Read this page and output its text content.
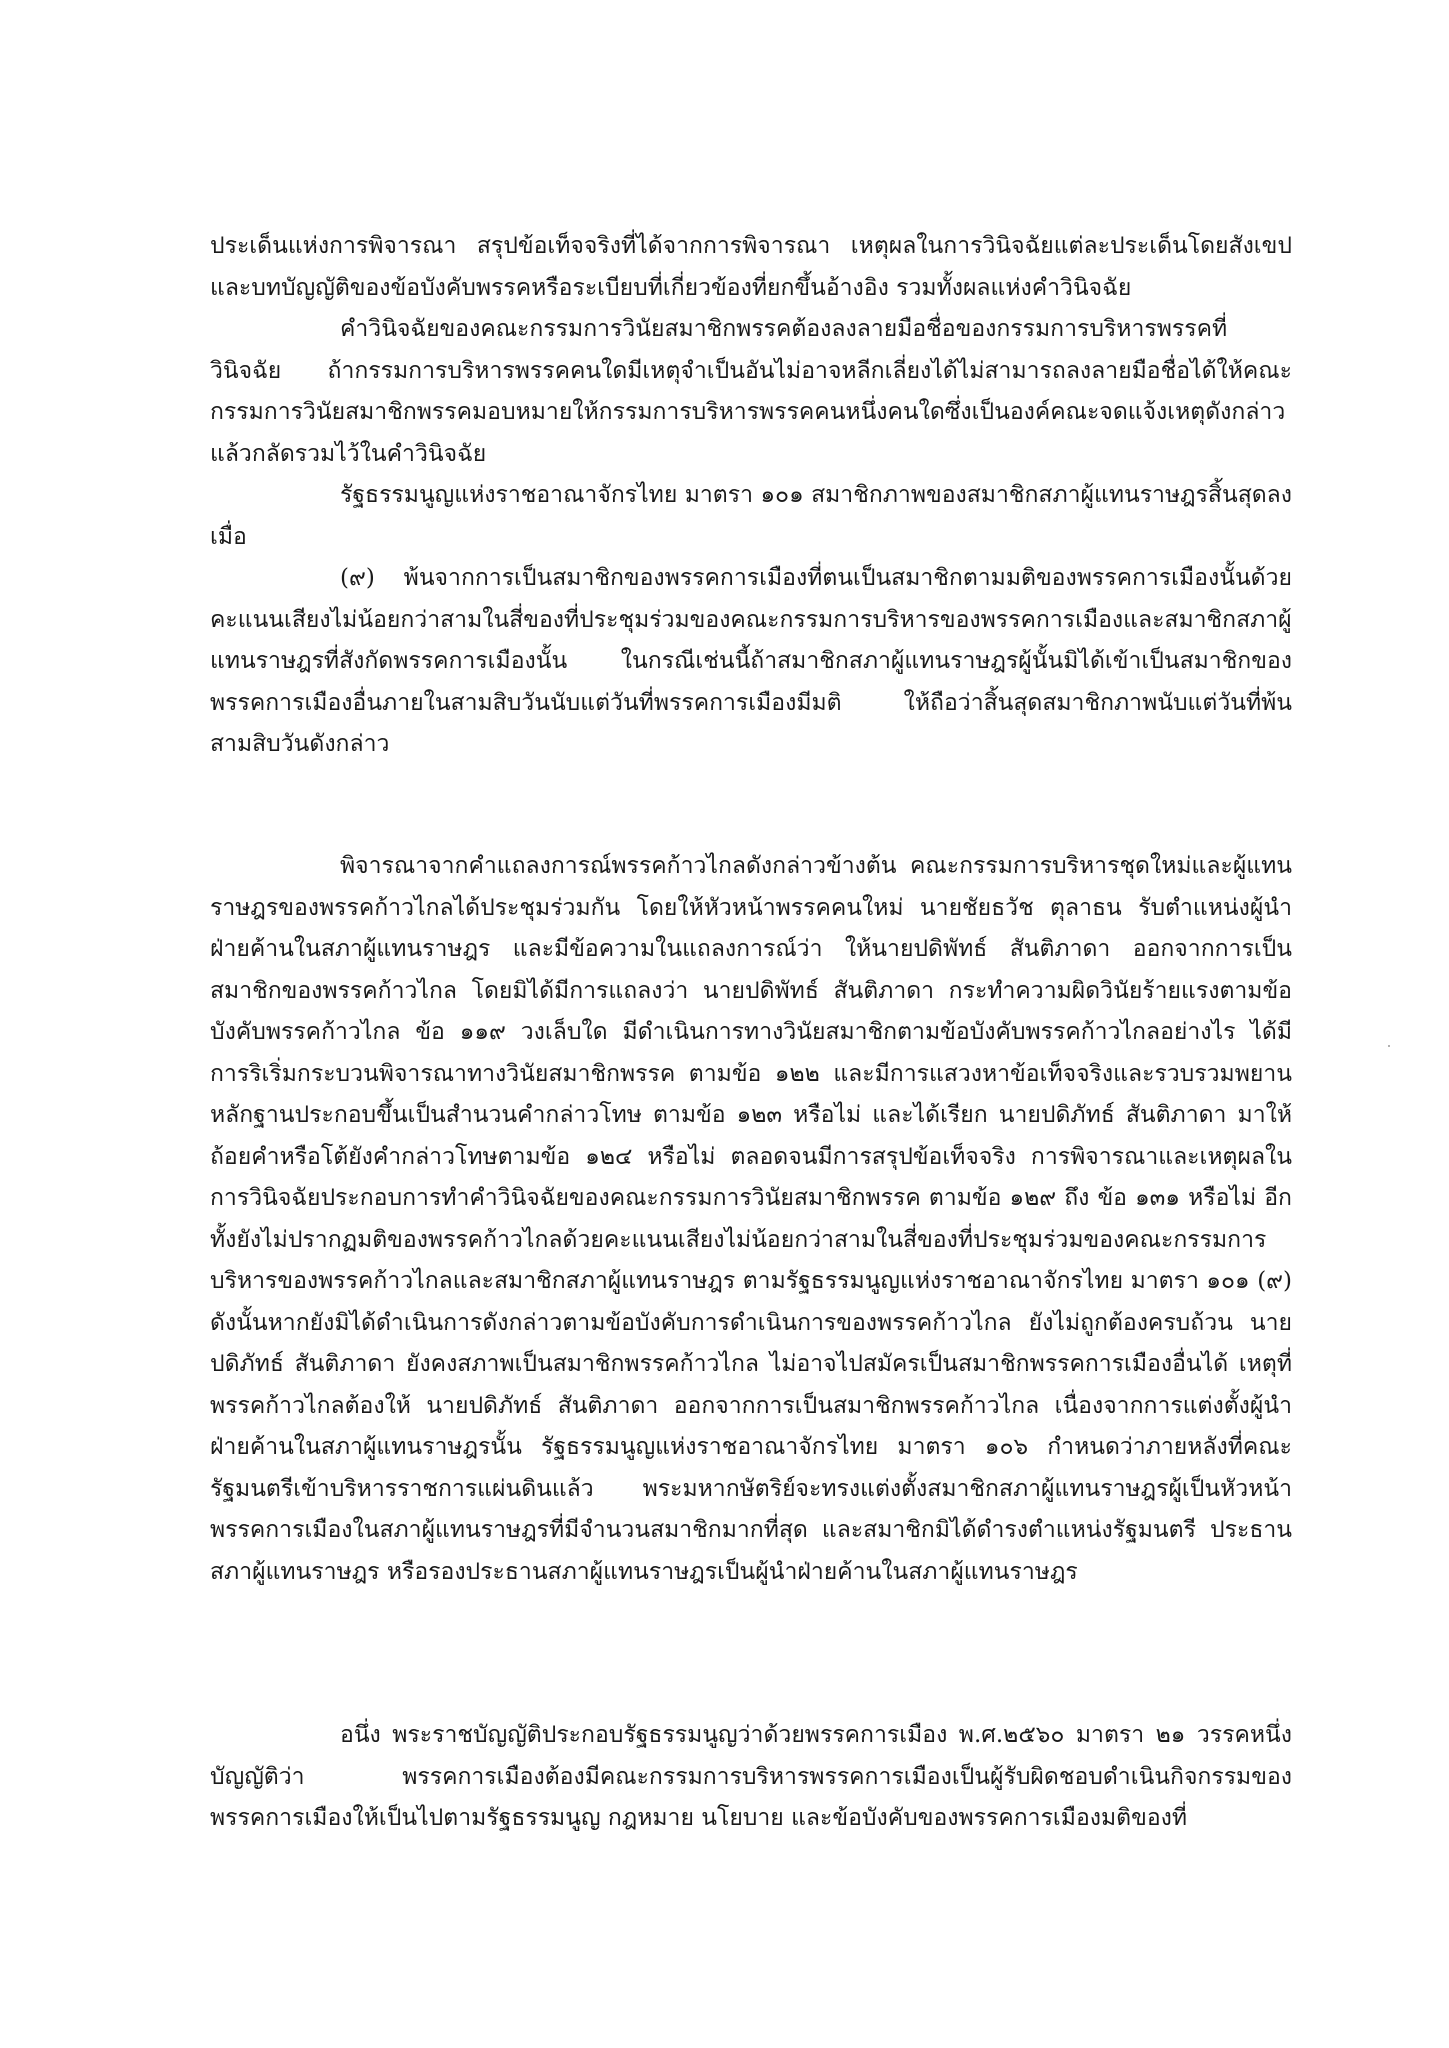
ประเด็นแห่งการพิจารณา สรุปข้อเท็จจริงที่ได้จากการพิจารณา เหตุผลในการวินิจฉัยแต่ละประเด็นโดยสังเขป และบทบัญญัติของข้อบังคับพรรคหรือระเบียบที่เกี่ยวข้องที่ยกขึ้นอ้างอิง รวมทั้งผลแห่งคำวินิจฉัย

คำวินิจฉัยของคณะกรรมการวินัยสมาชิกพรรคต้องลงลายมือชื่อของกรรมการบริหารพรรคที่วินิจฉัย ถ้ากรรมการบริหารพรรคคนใดมีเหตุจำเป็นอันไม่อาจหลีกเลี่ยงได้ไม่สามารถลงลายมือชื่อได้ให้คณะกรรมการวินัยสมาชิกพรรคมอบหมายให้กรรมการบริหารพรรคคนหนึ่งคนใดซึ่งเป็นองค์คณะจดแจ้งเหตุดังกล่าวแล้วกลัดรวมไว้ในคำวินิจฉัย

รัฐธรรมนูญแห่งราชอาณาจักรไทย มาตรา ๑๐๑ สมาชิกภาพของสมาชิกสภาผู้แทนราษฎรสิ้นสุดลง เมื่อ

(๙) พ้นจากการเป็นสมาชิกของพรรคการเมืองที่ตนเป็นสมาชิกตามมติของพรรคการเมืองนั้นด้วยคะแนนเสียงไม่น้อยกว่าสามในสี่ของที่ประชุมร่วมของคณะกรรมการบริหารของพรรคการเมืองและสมาชิกสภาผู้แทนราษฎรที่สังกัดพรรคการเมืองนั้น ในกรณีเช่นนี้ถ้าสมาชิกสภาผู้แทนราษฎรผู้นั้นมิได้เข้าเป็นสมาชิกของพรรคการเมืองอื่นภายในสามสิบวันนับแต่วันที่พรรคการเมืองมีมติ ให้ถือว่าสิ้นสุดสมาชิกภาพนับแต่วันที่พ้นสามสิบวันดังกล่าว

พิจารณาจากคำแถลงการณ์พรรคก้าวไกลดังกล่าวข้างต้น คณะกรรมการบริหารชุดใหม่และผู้แทนราษฎรของพรรคก้าวไกลได้ประชุมร่วมกัน โดยให้หัวหน้าพรรคคนใหม่ นายชัยธวัช ตุลาธน รับตำแหน่งผู้นำฝ่ายค้านในสภาผู้แทนราษฎร และมีข้อความในแถลงการณ์ว่า ให้นายปดิพัทธ์ สันติภาดา ออกจากการเป็นสมาชิกของพรรคก้าวไกล โดยมิได้มีการแถลงว่า นายปดิพัทธ์ สันติภาดา กระทำความผิดวินัยร้ายแรงตามข้อบังคับพรรคก้าวไกล ข้อ ๑๑๙ วงเล็บใด มีดำเนินการทางวินัยสมาชิกตามข้อบังคับพรรคก้าวไกลอย่างไร ได้มีการริเริ่มกระบวนพิจารณาทางวินัยสมาชิกพรรค ตามข้อ ๑๒๒ และมีการแสวงหาข้อเท็จจริงและรวบรวมพยานหลักฐานประกอบขึ้นเป็นสำนวนคำกล่าวโทษ ตามข้อ ๑๒๓ หรือไม่ และได้เรียก นายปดิภัทธ์ สันติภาดา มาให้ถ้อยคำหรือโต้ยังคำกล่าวโทษตามข้อ ๑๒๔ หรือไม่ ตลอดจนมีการสรุปข้อเท็จจริง การพิจารณาและเหตุผลในการวินิจฉัยประกอบการทำคำวินิจฉัยของคณะกรรมการวินัยสมาชิกพรรค ตามข้อ ๑๒๙ ถึง ข้อ ๑๓๑ หรือไม่ อีกทั้งยังไม่ปรากฏมติของพรรคก้าวไกลด้วยคะแนนเสียงไม่น้อยกว่าสามในสี่ของที่ประชุมร่วมของคณะกรรมการบริหารของพรรคก้าวไกลและสมาชิกสภาผู้แทนราษฎร ตามรัฐธรรมนูญแห่งราชอาณาจักรไทย มาตรา ๑๐๑ (๙) ดังนั้นหากยังมิได้ดำเนินการดังกล่าวตามข้อบังคับการดำเนินการของพรรคก้าวไกล ยังไม่ถูกต้องครบถ้วน นายปดิภัทธ์ สันติภาดา ยังคงสภาพเป็นสมาชิกพรรคก้าวไกล ไม่อาจไปสมัครเป็นสมาชิกพรรคการเมืองอื่นได้ เหตุที่พรรคก้าวไกลต้องให้ นายปดิภัทธ์ สันติภาดา ออกจากการเป็นสมาชิกพรรคก้าวไกล เนื่องจากการแต่งตั้งผู้นำฝ่ายค้านในสภาผู้แทนราษฎรนั้น รัฐธรรมนูญแห่งราชอาณาจักรไทย มาตรา ๑๐๖ กำหนดว่าภายหลังที่คณะรัฐมนตรีเข้าบริหารราชการแผ่นดินแล้ว พระมหากษัตริย์จะทรงแต่งตั้งสมาชิกสภาผู้แทนราษฎรผู้เป็นหัวหน้าพรรคการเมืองในสภาผู้แทนราษฎรที่มีจำนวนสมาชิกมากที่สุด และสมาชิกมิได้ดำรงตำแหน่งรัฐมนตรี ประธานสภาผู้แทนราษฎร หรือรองประธานสภาผู้แทนราษฎรเป็นผู้นำฝ่ายค้านในสภาผู้แทนราษฎร

อนึ่ง พระราชบัญญัติประกอบรัฐธรรมนูญว่าด้วยพรรคการเมือง พ.ศ.๒๕๖๐ มาตรา ๒๑ วรรคหนึ่ง บัญญัติว่า พรรคการเมืองต้องมีคณะกรรมการบริหารพรรคการเมืองเป็นผู้รับผิดชอบดำเนินกิจกรรมของพรรคการเมืองให้เป็นไปตามรัฐธรรมนูญ กฎหมาย นโยบาย และข้อบังคับของพรรคการเมืองมติของที่
